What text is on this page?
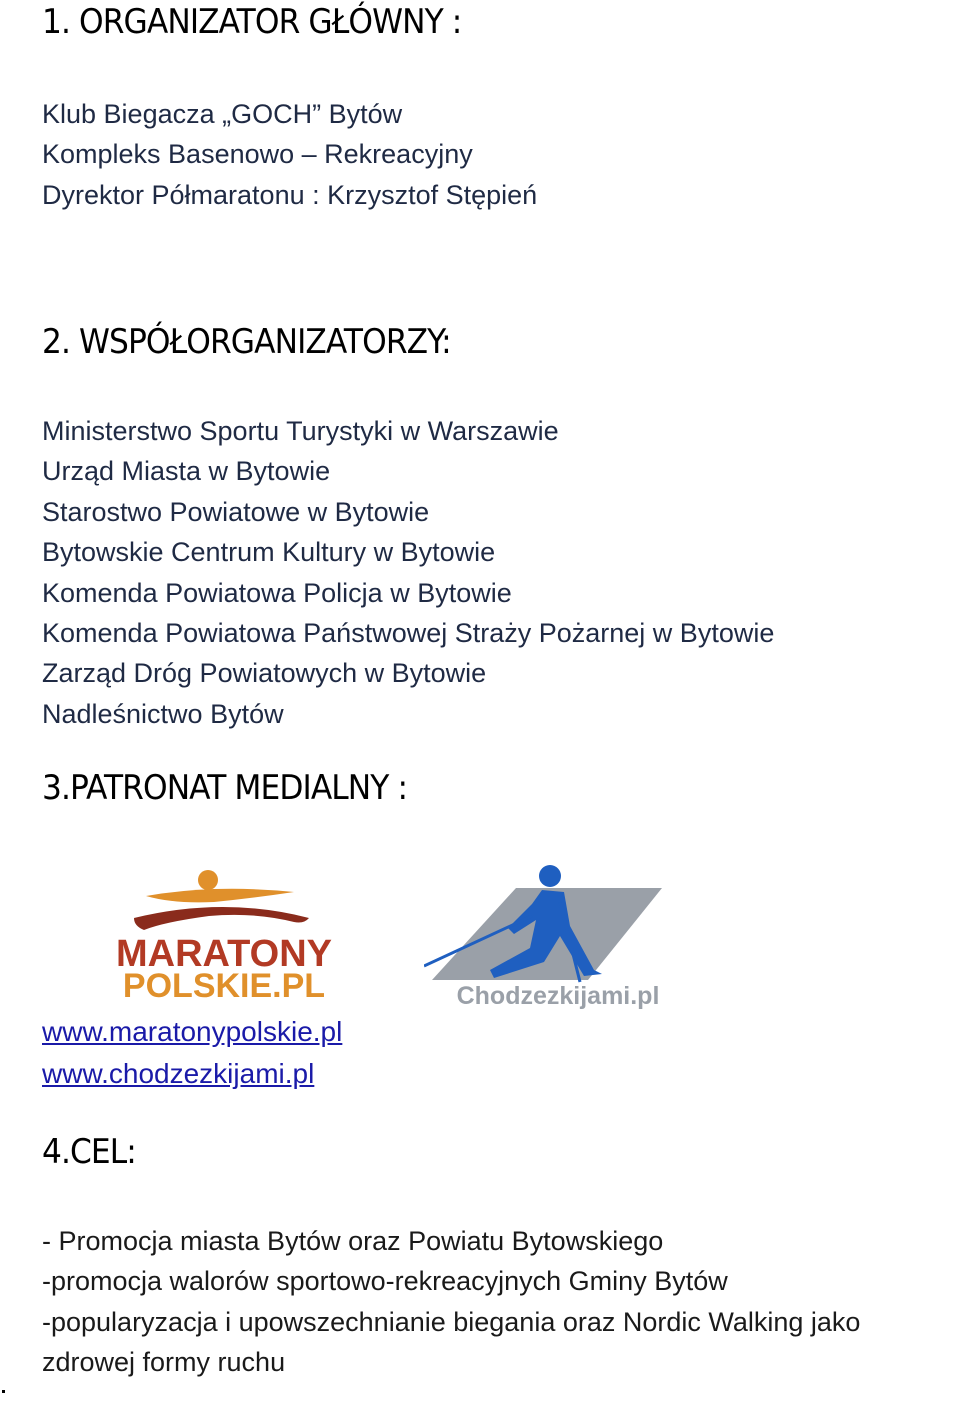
1. ORGANIZATOR GŁÓWNY :
Klub Biegacza „GOCH” Bytów
Kompleks Basenowo – Rekreacyjny
Dyrektor Półmaratonu : Krzysztof Stępień
2. WSPÓŁORGANIZATORZY:
Ministerstwo Sportu Turystyki w Warszawie
Urząd Miasta w Bytowie
Starostwo Powiatowe w Bytowie
Bytowskie Centrum Kultury w Bytowie
Komenda Powiatowa Policja w Bytowie
Komenda Powiatowa Państwowej Straży Pożarnej w Bytowie
Zarząd Dróg Powiatowych w Bytowie
Nadleśnictwo Bytów
3.PATRONAT MEDIALNY :
MARATONY
POLSKIE.PL	Chodzezkijami.pl
www.maratonypolskie.pl
www.chodzezkijami.pl
4.CEL:
- Promocja miasta Bytów oraz Powiatu Bytowskiego
-promocja walorów sportowo-rekreacyjnych Gminy Bytów
-popularyzacja i upowszechnianie biegania oraz Nordic Walking jako
zdrowej formy ruchu
